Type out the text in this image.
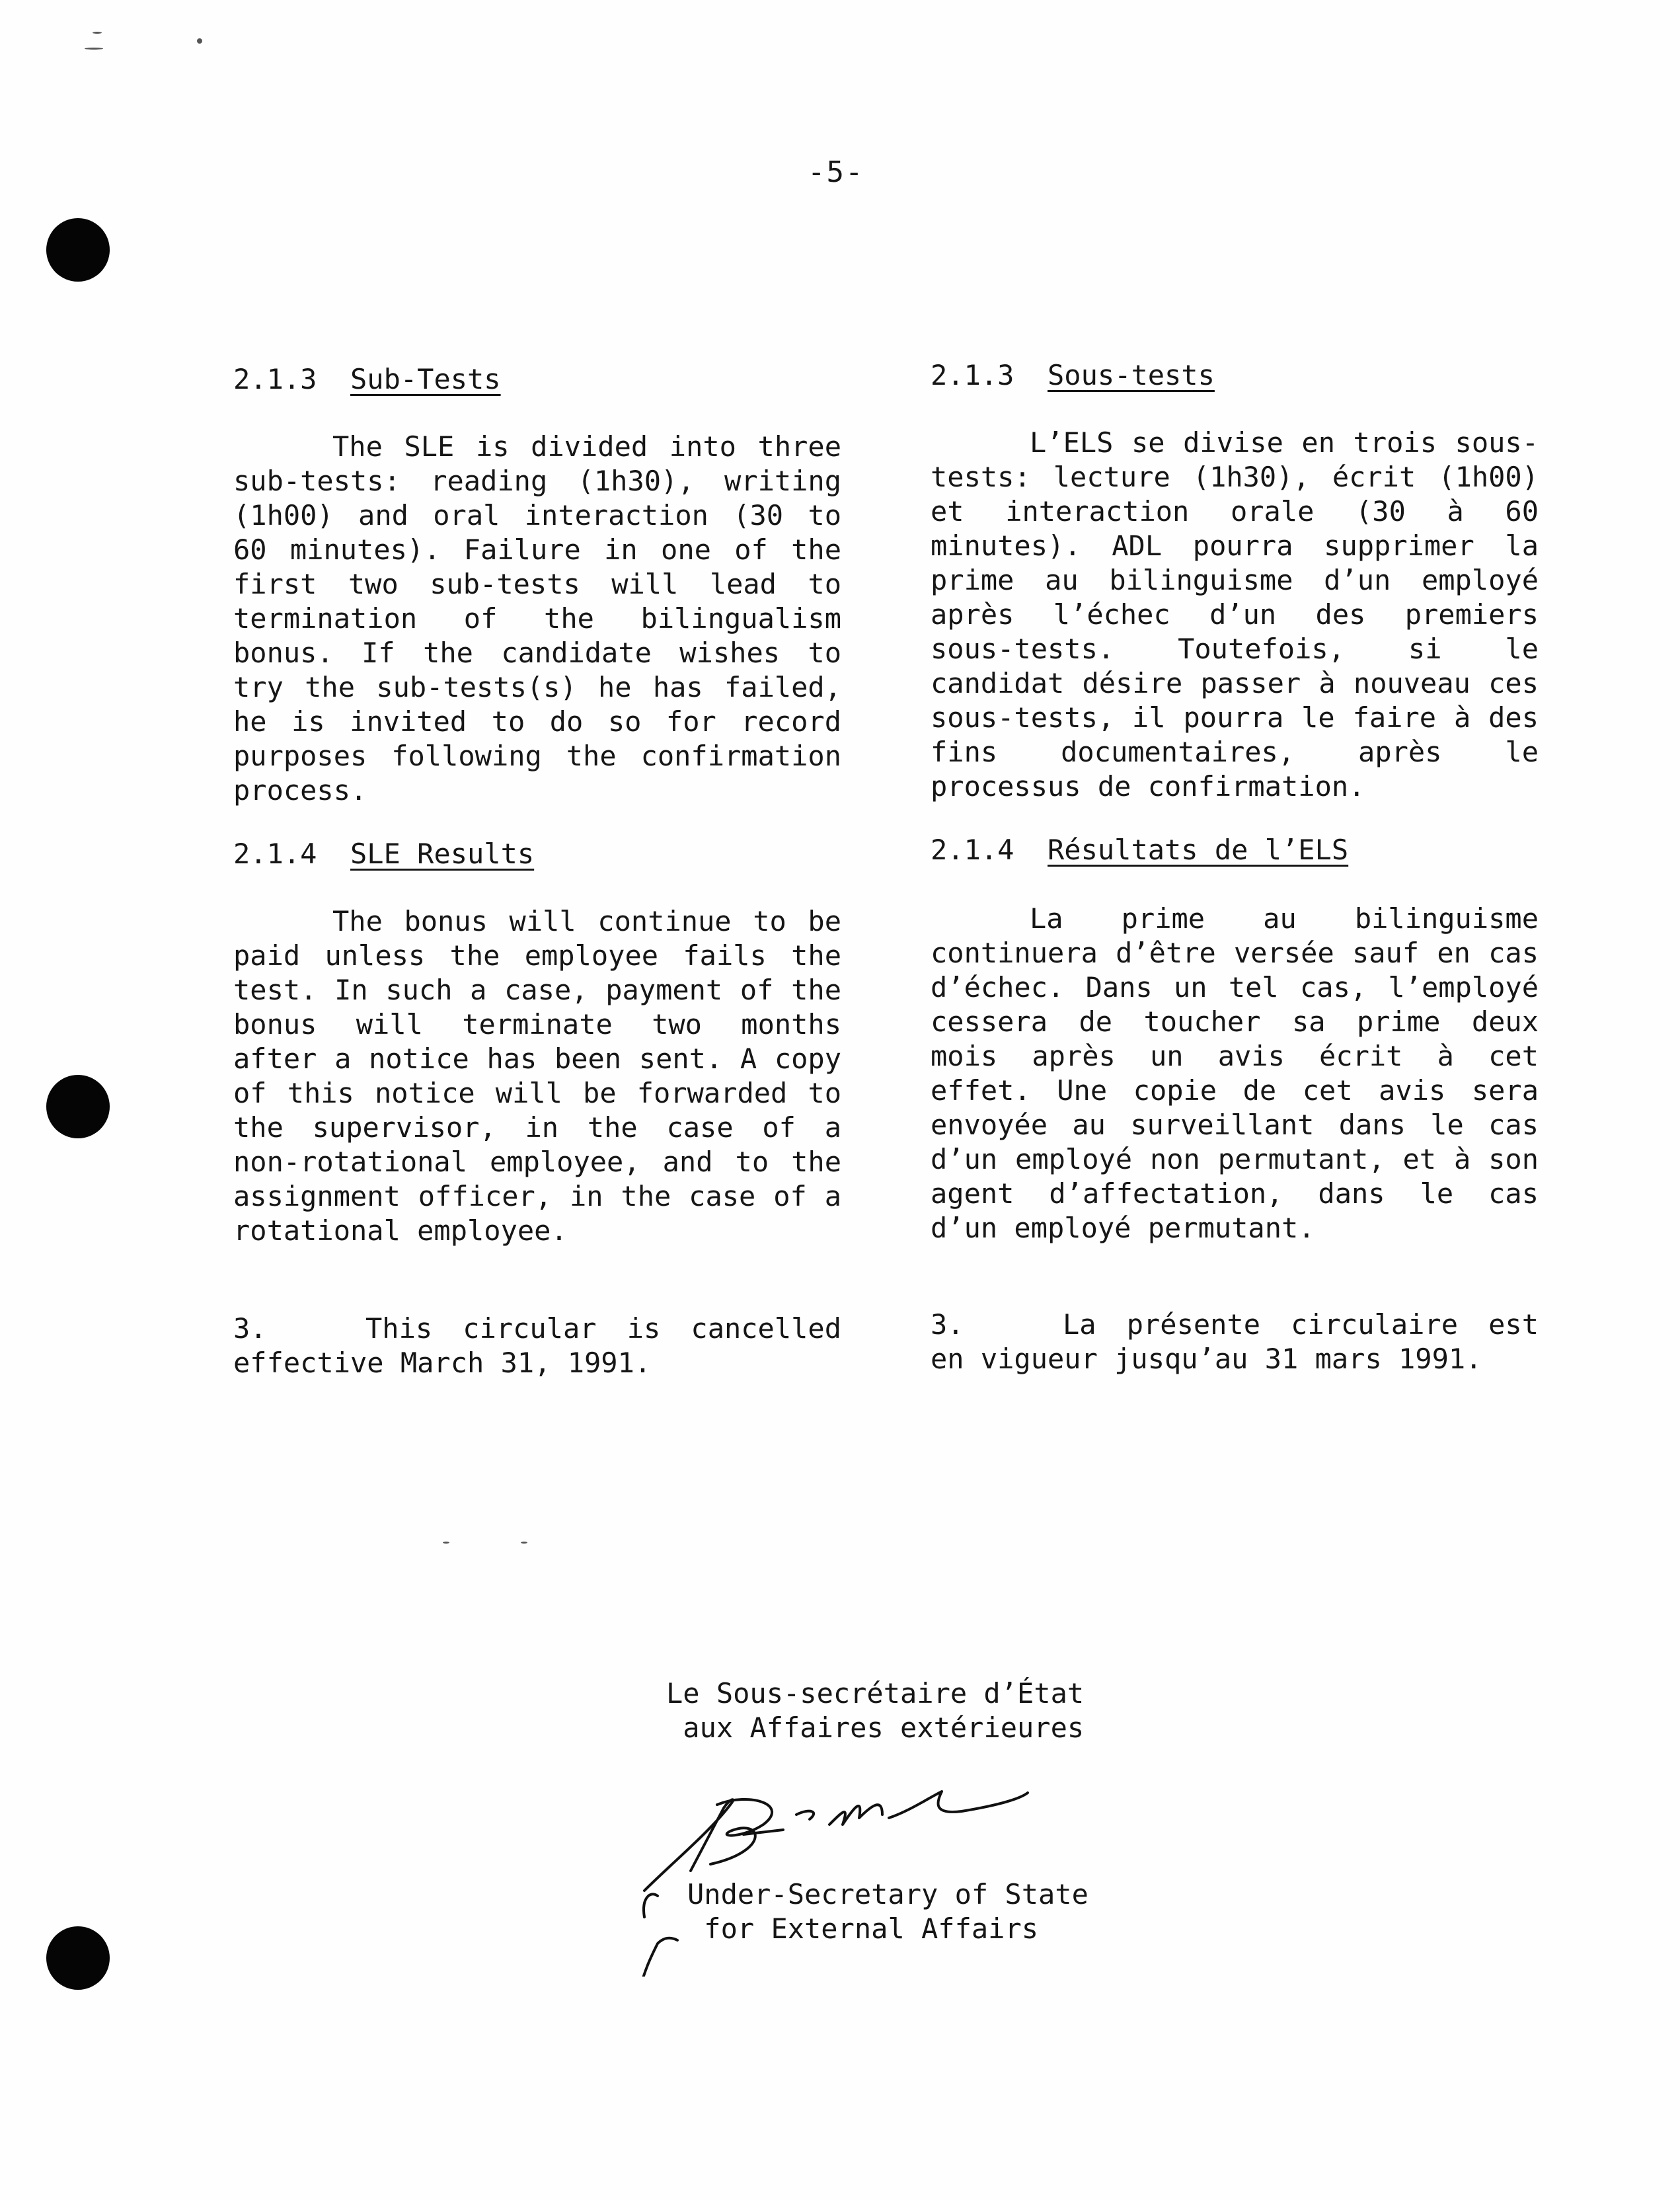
-5-
2.1.3 Sub-Tests
The SLE is divided into three sub-tests: reading (1h30), writing (1h00) and oral interaction (30 to 60 minutes). Failure in one of the first two sub-tests will lead to termination of the bilingualism bonus. If the candidate wishes to try the sub-tests(s) he has failed, he is invited to do so for record purposes following the confirmation process.
2.1.4 SLE Results
The bonus will continue to be paid unless the employee fails the test. In such a case, payment of the bonus will terminate two months after a notice has been sent. A copy of this notice will be forwarded to the supervisor, in the case of a non-rotational employee, and to the assignment officer, in the case of a rotational employee.
3.	This circular is cancelled effective March 31, 1991.
2.1.3 Sous-tests
L’ELS se divise en trois sous-tests: lecture (1h30), écrit (1h00) et interaction orale (30 à 60 minutes). ADL pourra supprimer la prime au bilinguisme d’un employé après l’échec d’un des premiers sous-tests. Toutefois, si le candidat désire passer à nouveau ces sous-tests, il pourra le faire à des fins documentaires, après le processus de confirmation.
2.1.4 Résultats de l’ELS
La prime au bilinguisme continuera d’être versée sauf en cas d’échec. Dans un tel cas, l’employé cessera de toucher sa prime deux mois après un avis écrit à cet effet. Une copie de cet avis sera envoyée au surveillant dans le cas d’un employé non permutant, et à son agent d’affectation, dans le cas d’un employé permutant.
3.	La présente circulaire est en vigueur jusqu’au 31 mars 1991.
Le Sous-secrétaire d’État
aux Affaires extérieures
Under-Secretary of State
for External Affairs
